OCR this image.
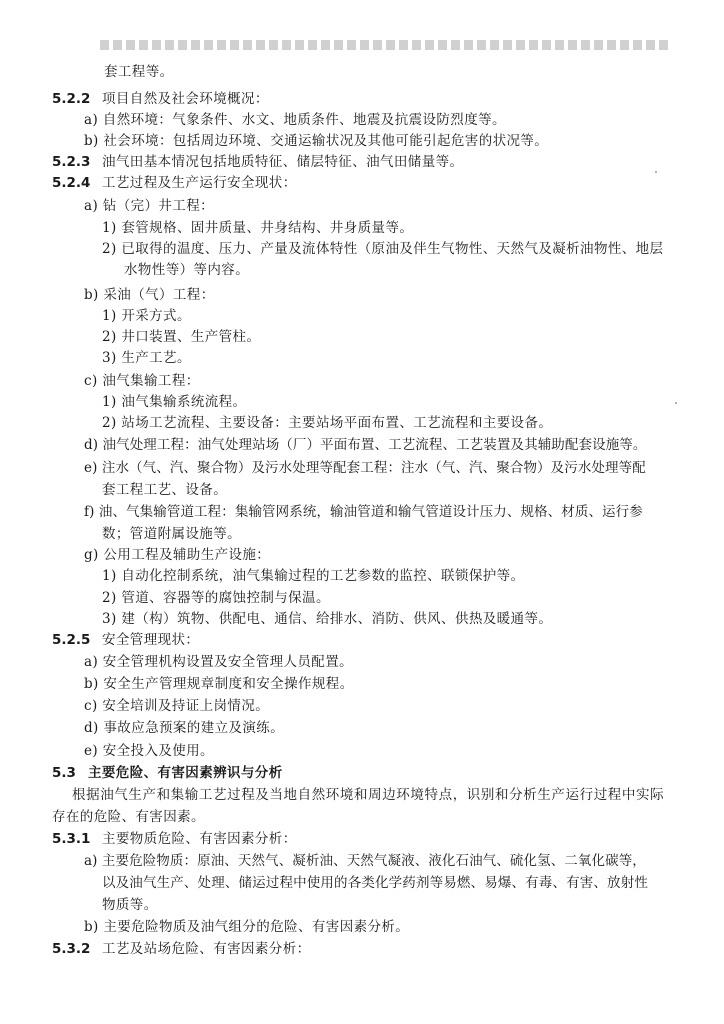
套工程等。
5.2.2 项目自然及社会环境概况：
a) 自然环境：气象条件、水文、地质条件、地震及抗震设防烈度等。
b) 社会环境：包括周边环境、交通运输状况及其他可能引起危害的状况等。
5.2.3 油气田基本情况包括地质特征、储层特征、油气田储量等。
5.2.4 工艺过程及生产运行安全现状：
a) 钻（完）井工程：
1) 套管规格、固井质量、井身结构、井身质量等。
2) 已取得的温度、压力、产量及流体特性（原油及伴生气物性、天然气及凝析油物性、地层
水物性等）等内容。
b) 采油（气）工程：
1) 开采方式。
2) 井口装置、生产管柱。
3) 生产工艺。
c) 油气集输工程：
1) 油气集输系统流程。
2) 站场工艺流程、主要设备：主要站场平面布置、工艺流程和主要设备。
d) 油气处理工程：油气处理站场（厂）平面布置、工艺流程、工艺装置及其辅助配套设施等。
e) 注水（气、汽、聚合物）及污水处理等配套工程：注水（气、汽、聚合物）及污水处理等配
套工程工艺、设备。
f) 油、气集输管道工程：集输管网系统，输油管道和输气管道设计压力、规格、材质、运行参
数；管道附属设施等。
g) 公用工程及辅助生产设施：
1) 自动化控制系统，油气集输过程的工艺参数的监控、联锁保护等。
2) 管道、容器等的腐蚀控制与保温。
3) 建（构）筑物、供配电、通信、给排水、消防、供风、供热及暖通等。
5.2.5 安全管理现状：
a) 安全管理机构设置及安全管理人员配置。
b) 安全生产管理规章制度和安全操作规程。
c) 安全培训及持证上岗情况。
d) 事故应急预案的建立及演练。
e) 安全投入及使用。
5.3 主要危险、有害因素辨识与分析
根据油气生产和集输工艺过程及当地自然环境和周边环境特点，识别和分析生产运行过程中实际
存在的危险、有害因素。
5.3.1 主要物质危险、有害因素分析：
a) 主要危险物质：原油、天然气、凝析油、天然气凝液、液化石油气、硫化氢、二氧化碳等，
以及油气生产、处理、储运过程中使用的各类化学药剂等易燃、易爆、有毒、有害、放射性
物质等。
b) 主要危险物质及油气组分的危险、有害因素分析。
5.3.2 工艺及站场危险、有害因素分析：
